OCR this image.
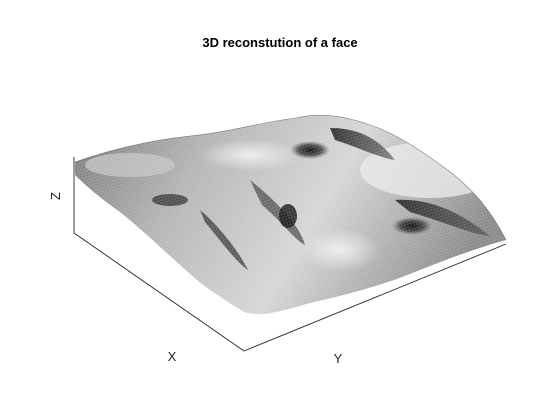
3D reconstution of a face
Z
X	Y
